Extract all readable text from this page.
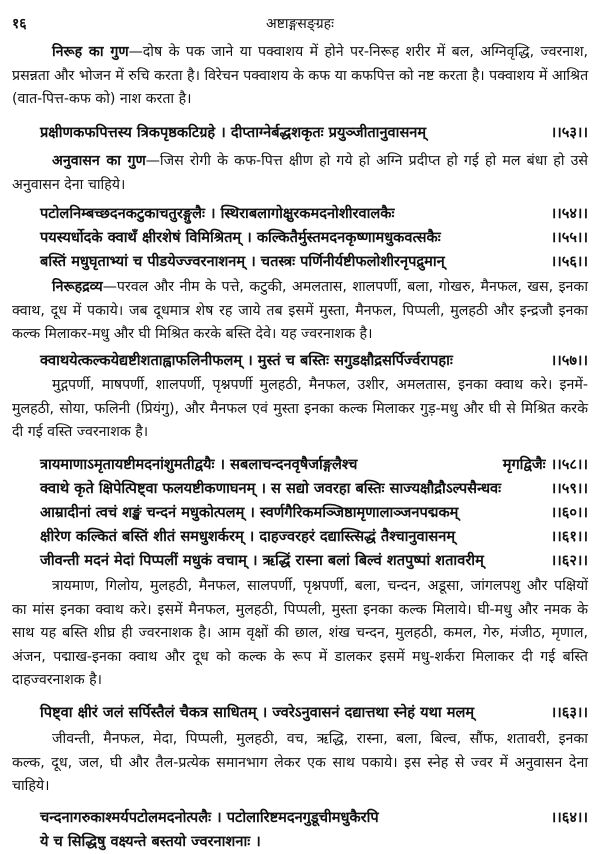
१६	अष्टाङ्गसङ्ग्रहः
निरूह का गुण—दोष के पक जाने या पक्वाशय में होने पर-निरूह शरीर में बल, अग्निवृद्धि, ज्वरनाश,
प्रसन्नता और भोजन में रुचि करता है। विरेचन पक्वाशय के कफ या कफपित्त को नष्ट करता है। पक्वाशय में आश्रित
(वात-पित्त-कफ को) नाश करता है।
प्रक्षीणकफपित्तस्य त्रिकपृष्ठकटिग्रहे । दीप्ताग्नेर्बद्धशकृतः प्रयुञ्जीतानुवासनम्	।।५३।।
अनुवासन का गुण—जिस रोगी के कफ-पित्त क्षीण हो गये हो अग्नि प्रदीप्त हो गई हो मल बंधा हो उसे
अनुवासन देना चाहिये।
पटोलनिम्बच्छदनकटुकाचतुरङ्गुलैः । स्थिराबलागोक्षुरकमदनोशीरवालकैः	।।५४।।
पयस्यर्धोदके क्वाथँ क्षीरशेषं विमिश्रितम् । कल्कितैर्मुस्तमदनकृष्णामधुकवत्सकैः	।।५५।।
बस्तिं मधुघृताभ्यां च पीडयेज्ज्वरनाशनम् । चतस्त्रः पर्णिनीर्यष्टीफलोशीरनृपद्रुमान्	।।५६।।
निरूहद्रव्य—परवल और नीम के पत्ते, कटुकी, अमलतास, शालपर्णी, बला, गोखरु, मैनफल, खस, इनका
क्वाथ, दूध में पकाये। जब दूधमात्र शेष रह जाये तब इसमें मुस्ता, मैनफल, पिप्पली, मुलहठी और इन्द्रजौ इनका
कल्क मिलाकर-मधु और घी मिश्रित करके बस्ति देवे। यह ज्वरनाशक है।
क्वाथयेत्कल्कयेद्यष्टीशताह्वाफलिनीफलम् । मुस्तं च बस्तिः सगुडक्षौद्रसर्पिर्ज्वरापहाः	।।५७।।
मुद्गपर्णी, माषपर्णी, शालपर्णी, पृश्नपर्णी मुलहठी, मैनफल, उशीर, अमलतास, इनका क्वाथ करे। इनमें-
मुलहठी, सोया, फलिनी (प्रियंगु), और मैनफल एवं मुस्ता इनका कल्क मिलाकर गुड़-मधु और घी से मिश्रित करके
दी गई वस्ति ज्वरनाशक है।
त्रायमाणाऽमृतायष्टीमदनांशुमतीद्वयैः । सबलाचन्दनवृषैर्जाङ्गलैश्च	मृगद्विजैः ।।५८।।
क्वाथे कृते क्षिपेत्पिष्ट्वा फलयष्टीकणाघनम् । स सद्यो जवरहा बस्तिः साज्यक्षौद्रौऽल्पसैन्धवः	।।५९।।
आम्रादीनां त्वचं शङ्खं चन्दनं मधुकोत्पलम् । स्वर्णगैरिकमञ्जिष्ठामृणालाञ्जनपद्मकम्	।।६०।।
क्षीरेण कल्कितं बस्तिं शीतं समधुशर्करम् । दाहज्वरहरं दद्यास्त्सिद्धं तैश्चानुवासनम्	।।६१।।
जीवन्ती मदनं मेदां पिप्पलीं मधुकं वचाम् । ऋद्धिं रास्ना बलां बिल्वं शतपुष्पां शतावरीम्	।।६२।।
त्रायमाण, गिलोय, मुलहठी, मैनफल, सालपर्णी, पृश्नपर्णी, बला, चन्दन, अडूसा, जांगलपशु और पक्षियों
का मांस इनका क्वाथ करे। इसमें मैनफल, मुलहठी, पिप्पली, मुस्ता इनका कल्क मिलाये। घी-मधु और नमक के
साथ यह बस्ति शीघ्र ही ज्वरनाशक है। आम वृक्षों की छाल, शंख चन्दन, मुलहठी, कमल, गेरु, मंजीठ, मृणाल,
अंजन, पद्माख-इनका क्वाथ और दूध को कल्क के रूप में डालकर इसमें मधु-शर्करा मिलाकर दी गई बस्ति
दाहज्वरनाशक है।
पिष्ट्वा क्षीरं जलं सर्पिस्तैलं चैकत्र साधितम् । ज्वरेऽनुवासनं दद्यात्तथा स्नेहं यथा मलम्	।।६३।।
जीवन्ती, मैनफल, मेदा, पिप्पली, मुलहठी, वच, ऋद्धि, रास्ना, बला, बिल्व, सौंफ, शतावरी, इनका
कल्क, दूध, जल, घी और तैल-प्रत्येक समानभाग लेकर एक साथ पकाये। इस स्नेह से ज्वर में अनुवासन देना
चाहिये।
चन्दनागरुकाश्मर्यपटोलमदनोत्पलैः । पटोलारिष्टमदनगुडूचीमधुकैरपि	।।६४।।
ये च सिद्धिषु वक्ष्यन्ते बस्तयो ज्वरनाशनाः ।
